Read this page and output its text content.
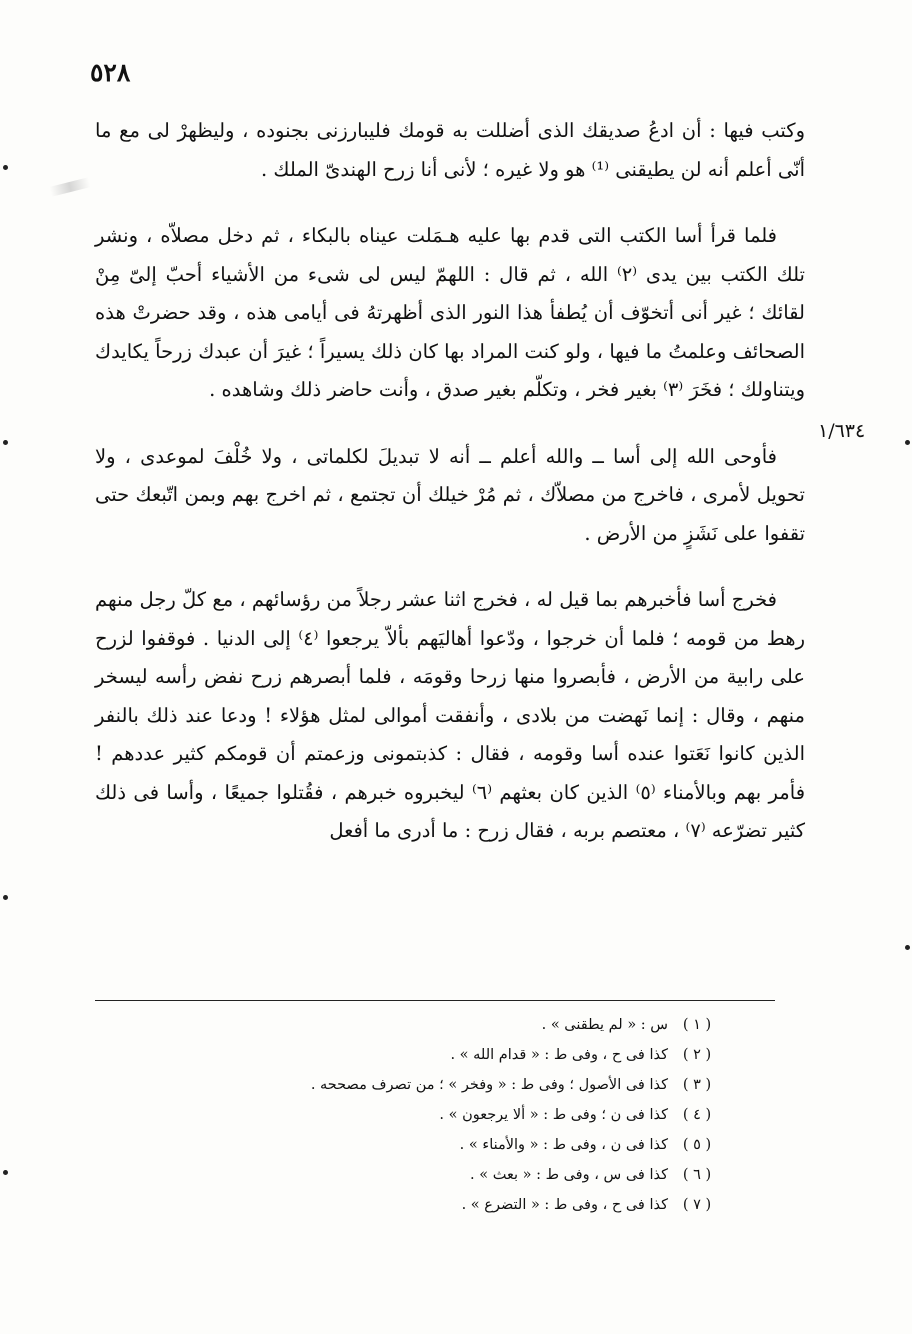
٥٢٨
١/٦٣٤

وكتب فيها : أن ادعُ صديقك الذى أضللت به قومك فليبارزنى بجنوده ، وليظهرْ لى مع ما أنّى أعلم أنه لن يطيقنى ⁽¹⁾ هو ولا غيره ؛ لأنى أنا زرح الهندىّ الملك .

فلما قرأ أسا الكتب التى قدم بها عليه هـمَلت عيناه بالبكاء ، ثم دخل مصلاّه ، ونشر تلك الكتب بين يدى ⁽٢⁾ الله ، ثم قال : اللهمّ ليس لى شىء من الأشياء أحبّ إلىّ مِنْ لقائك ؛ غير أنى أتخوّف أن يُطفأ هذا النور الذى أظهرتهُ فى أيامى هذه ، وقد حضرتْ هذه الصحائف وعلمتُ ما فيها ، ولو كنت المراد بها كان ذلك يسيراً ؛ غيرَ أن عبدك زرحاً يكايدك ويتناولك ؛ فخَرَ ⁽٣⁾ بغير فخر ، وتكلّم بغير صدق ، وأنت حاضر ذلك وشاهده .

فأوحى الله إلى أسا ــ والله أعلم ــ أنه لا تبديلَ لكلماتى ، ولا خُلْفَ لموعدى ، ولا تحويل لأمرى ، فاخرج من مصلاّك ، ثم مُرْ خيلك أن تجتمع ، ثم اخرج بهم وبمن اتّبعك حتى تقفوا على نَشَزٍ من الأرض .

فخرج أسا فأخبرهم بما قيل له ، فخرج اثنا عشر رجلاً من رؤسائهم ، مع كلّ رجل منهم رهط من قومه ؛ فلما أن خرجوا ، ودّعوا أهاليَهم بألاّ يرجعوا ⁽٤⁾ إلى الدنيا . فوقفوا لزرح على رابية من الأرض ، فأبصروا منها زرحا وقومَه ، فلما أبصرهم زرح نفض رأسه ليسخر منهم ، وقال : إنما نَهضت من بلادى ، وأنفقت أموالى لمثل هؤلاء ! ودعا عند ذلك بالنفر الذين كانوا نَعَتوا عنده أسا وقومه ، فقال : كذبتمونى وزعمتم أن قومكم كثير عددهم ! فأمر بهم وبالأمناء ⁽٥⁾ الذين كان بعثهم ⁽٦⁾ ليخبروه خبرهم ، فقُتلوا جميعًا ، وأسا فى ذلك كثير تضرّعه ⁽٧⁾ ، معتصم بربه ، فقال زرح : ما أدرى ما أفعل

( ١ )
س : « لم يطقنى » .
( ٢ )
كذا فى ح ، وفى ط : « قدام الله » .
( ٣ )
كذا فى الأصول ؛ وفى ط : « وفخر » ؛ من تصرف مصححه .
( ٤ )
كذا فى ن ؛ وفى ط : « ألا يرجعون » .
( ٥ )
كذا فى ن ، وفى ط : « والأمناء » .
( ٦ )
كذا فى س ، وفى ط : « بعث » .
( ٧ )
كذا فى ح ، وفى ط : « التضرع » .
